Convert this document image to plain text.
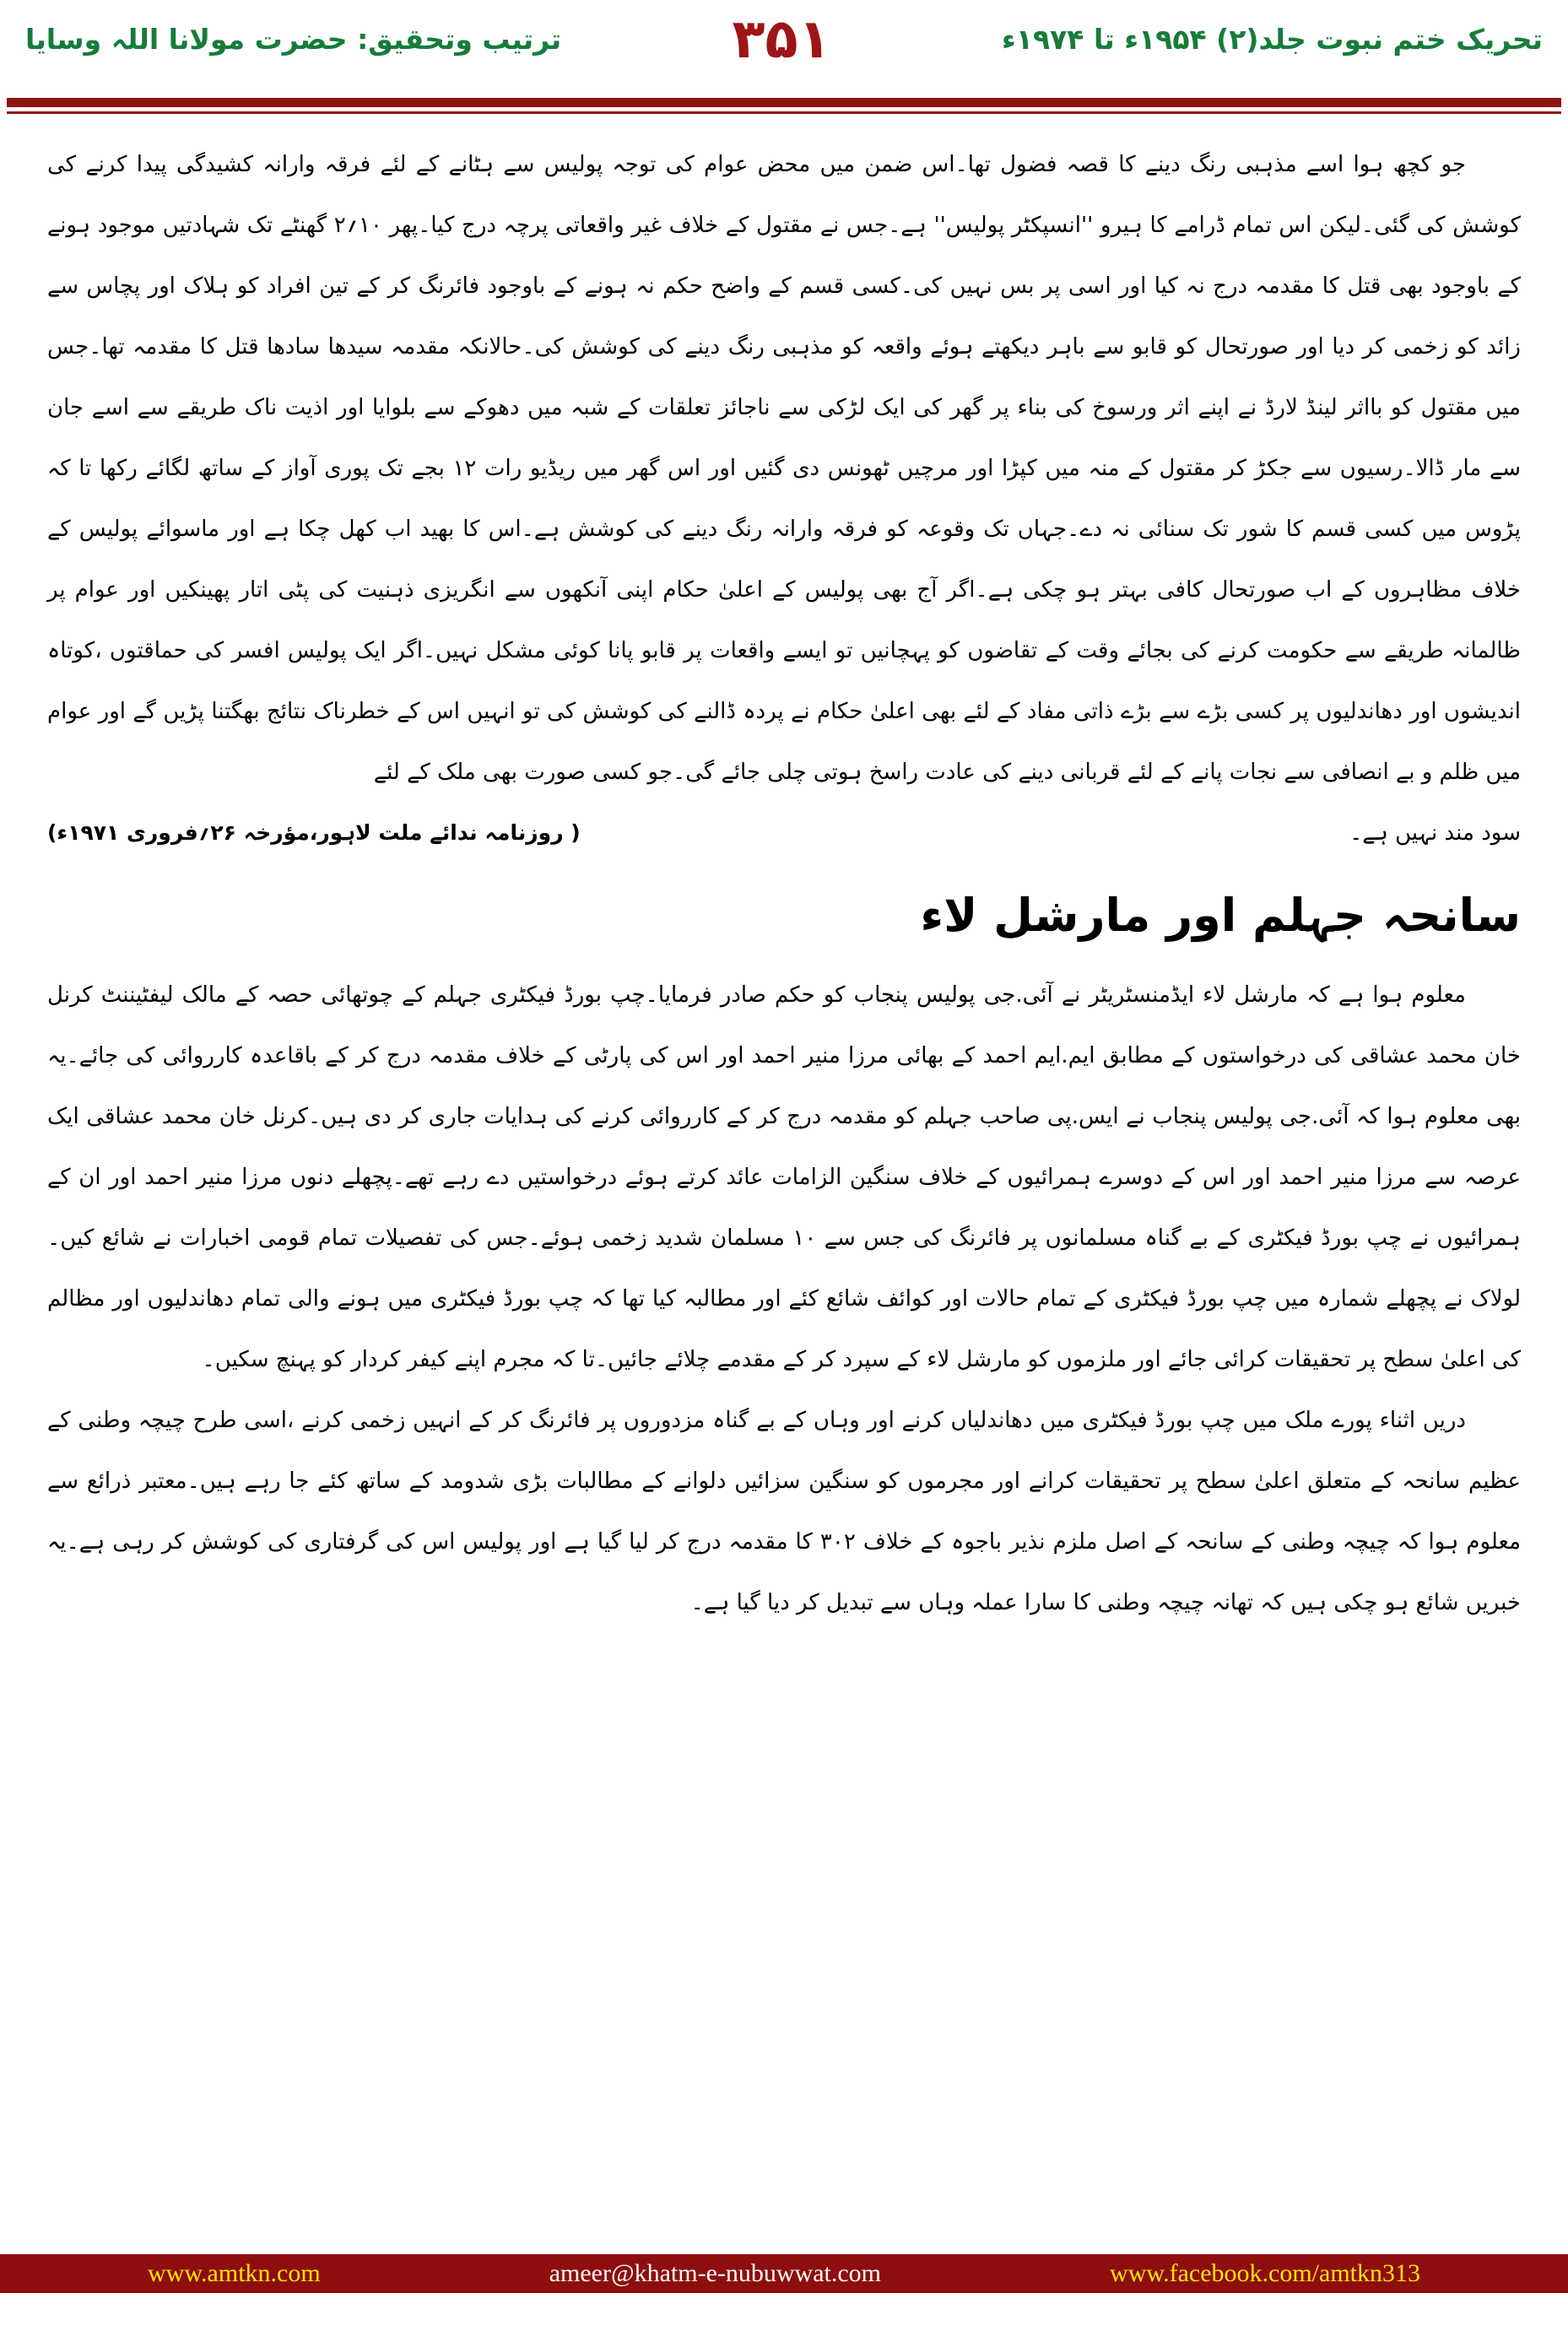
تحریک ختم نبوت جلد(۲) ۱۹۵۴ء تا ۱۹۷۴ء
۳۵۱
ترتیب وتحقیق: حضرت مولانا اللہ وسایا

جو کچھ ہوا اسے مذہبی رنگ دینے کا قصہ فضول تھا۔اس ضمن میں محض عوام کی توجہ پولیس سے ہٹانے کے لئے فرقہ وارانہ کشیدگی پیدا کرنے کی کوشش کی گئی۔لیکن اس تمام ڈرامے کا ہیرو ''انسپکٹر پولیس'' ہے۔جس نے مقتول کے خلاف غیر واقعاتی پرچہ درج کیا۔پھر ۱۰؍۲ گھنٹے تک شہادتیں موجود ہونے کے باوجود بھی قتل کا مقدمہ درج نہ کیا اور اسی پر بس نہیں کی۔کسی قسم کے واضح حکم نہ ہونے کے باوجود فائرنگ کر کے تین افراد کو ہلاک اور پچاس سے زائد کو زخمی کر دیا اور صورتحال کو قابو سے باہر دیکھتے ہوئے واقعہ کو مذہبی رنگ دینے کی کوشش کی۔حالانکہ مقدمہ سیدھا سادھا قتل کا مقدمہ تھا۔جس میں مقتول کو بااثر لینڈ لارڈ نے اپنے اثر ورسوخ کی بناء پر گھر کی ایک لڑکی سے ناجائز تعلقات کے شبہ میں دھوکے سے بلوایا اور اذیت ناک طریقے سے اسے جان سے مار ڈالا۔رسیوں سے جکڑ کر مقتول کے منہ میں کپڑا اور مرچیں ٹھونس دی گئیں اور اس گھر میں ریڈیو رات ۱۲ بجے تک پوری آواز کے ساتھ لگائے رکھا تا کہ پڑوس میں کسی قسم کا شور تک سنائی نہ دے۔جہاں تک وقوعہ کو فرقہ وارانہ رنگ دینے کی کوشش ہے۔اس کا بھید اب کھل چکا ہے اور ماسوائے پولیس کے خلاف مظاہروں کے اب صورتحال کافی بہتر ہو چکی ہے۔اگر آج بھی پولیس کے اعلیٰ حکام اپنی آنکھوں سے انگریزی ذہنیت کی پٹی اتار پھینکیں اور عوام پر ظالمانہ طریقے سے حکومت کرنے کی بجائے وقت کے تقاضوں کو پہچانیں تو ایسے واقعات پر قابو پانا کوئی مشکل نہیں۔اگر ایک پولیس افسر کی حماقتوں ،کوتاہ اندیشوں اور دھاندلیوں پر کسی بڑے سے بڑے ذاتی مفاد کے لئے بھی اعلیٰ حکام نے پردہ ڈالنے کی کوشش کی تو انہیں اس کے خطرناک نتائج بھگتنا پڑیں گے اور عوام میں ظلم و بے انصافی سے نجات پانے کے لئے قربانی دینے کی عادت راسخ ہوتی چلی جائے گی۔جو کسی صورت بھی ملک کے لئے

سود مند نہیں ہے۔
( روزنامہ ندائے ملت لاہور،مؤرخہ ۲۶؍فروری ۱۹۷۱ء)
سانحہ جہلم اور مارشل لاء

معلوم ہوا ہے کہ مارشل لاء ایڈمنسٹریٹر نے آئی.جی پولیس پنجاب کو حکم صادر فرمایا۔چپ بورڈ فیکٹری جہلم کے چوتھائی حصہ کے مالک لیفٹیننٹ کرنل خان محمد عشاقی کی درخواستوں کے مطابق ایم.ایم احمد کے بھائی مرزا منیر احمد اور اس کی پارٹی کے خلاف مقدمہ درج کر کے باقاعدہ کارروائی کی جائے۔یہ بھی معلوم ہوا کہ آئی.جی پولیس پنجاب نے ایس.پی صاحب جہلم کو مقدمہ درج کر کے کارروائی کرنے کی ہدایات جاری کر دی ہیں۔کرنل خان محمد عشاقی ایک عرصہ سے مرزا منیر احمد اور اس کے دوسرے ہمرائیوں کے خلاف سنگین الزامات عائد کرتے ہوئے درخواستیں دے رہے تھے۔پچھلے دنوں مرزا منیر احمد اور ان کے ہمرائیوں نے چپ بورڈ فیکٹری کے بے گناہ مسلمانوں پر فائرنگ کی جس سے ۱۰ مسلمان شدید زخمی ہوئے۔جس کی تفصیلات تمام قومی اخبارات نے شائع کیں۔لولاک نے پچھلے شمارہ میں چپ بورڈ فیکٹری کے تمام حالات اور کوائف شائع کئے اور مطالبہ کیا تھا کہ چپ بورڈ فیکٹری میں ہونے والی تمام دھاندلیوں اور مظالم کی اعلیٰ سطح پر تحقیقات کرائی جائے اور ملزموں کو مارشل لاء کے سپرد کر کے مقدمے چلائے جائیں۔تا کہ مجرم اپنے کیفر کردار کو پہنچ سکیں۔

دریں اثناء پورے ملک میں چپ بورڈ فیکٹری میں دھاندلیاں کرنے اور وہاں کے بے گناہ مزدوروں پر فائرنگ کر کے انہیں زخمی کرنے ،اسی طرح چیچہ وطنی کے عظیم سانحہ کے متعلق اعلیٰ سطح پر تحقیقات کرانے اور مجرموں کو سنگین سزائیں دلوانے کے مطالبات بڑی شدومد کے ساتھ کئے جا رہے ہیں۔معتبر ذرائع سے معلوم ہوا کہ چیچہ وطنی کے سانحہ کے اصل ملزم نذیر باجوہ کے خلاف ۳۰۲ کا مقدمہ درج کر لیا گیا ہے اور پولیس اس کی گرفتاری کی کوشش کر رہی ہے۔یہ خبریں شائع ہو چکی ہیں کہ تھانہ چیچہ وطنی کا سارا عملہ وہاں سے تبدیل کر دیا گیا ہے۔

www.amtkn.com	ameer@khatm-e-nubuwwat.com	www.facebook.com/amtkn313
